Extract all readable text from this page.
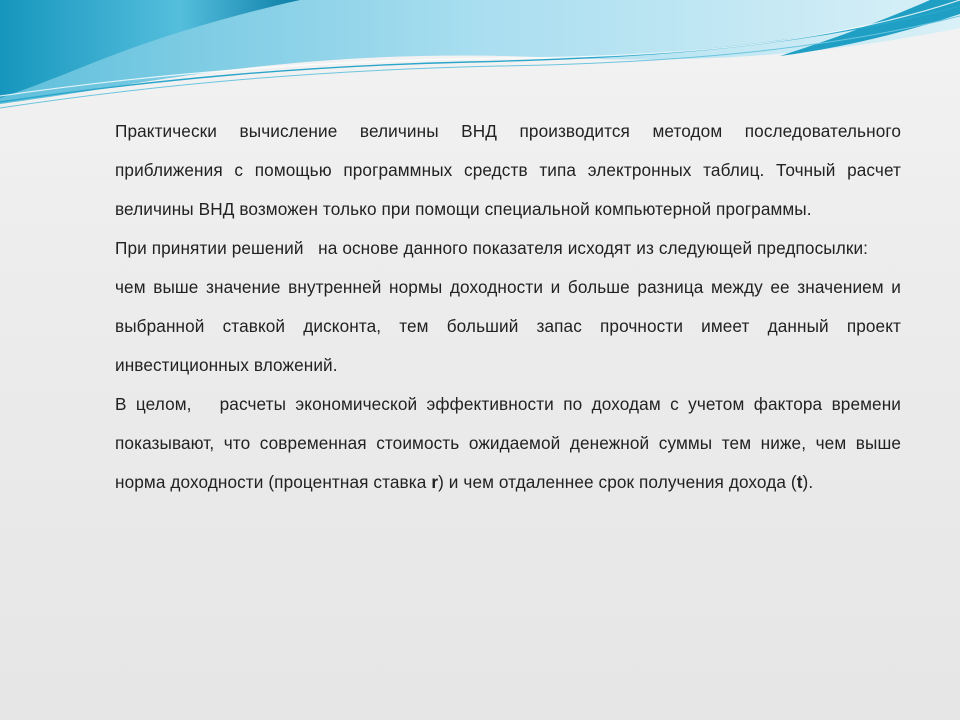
Практически вычисление величины ВНД производится методом последовательного приближения с помощью программных средств типа электронных таблиц. Точный расчет величины ВНД возможен только при помощи специальной компьютерной программы.

При принятии решений   на основе данного показателя исходят из следующей предпосылки:

чем выше значение внутренней нормы доходности и больше разница между ее значением и выбранной ставкой дисконта, тем больший запас прочности имеет данный проект инвестиционных вложений.

В целом,   расчеты экономической эффективности по доходам с учетом фактора времени показывают, что современная стоимость ожидаемой денежной суммы тем ниже, чем выше норма доходности (процентная ставка r) и чем отдаленнее срок получения дохода (t).
